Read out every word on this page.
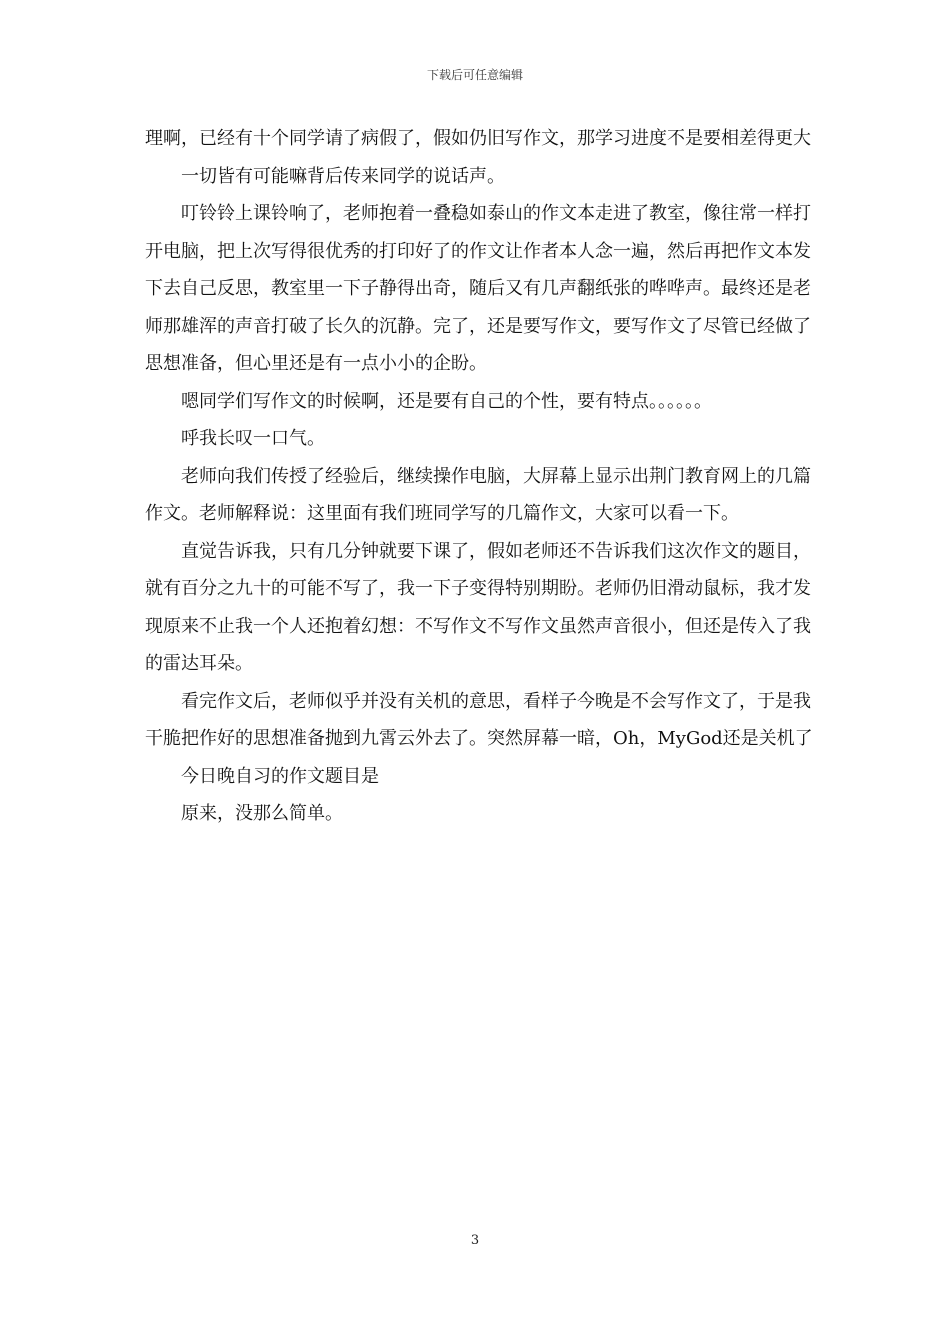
下载后可任意编辑

理啊，已经有十个同学请了病假了，假如仍旧写作文，那学习进度不是要相差得更大

一切皆有可能嘛背后传来同学的说话声。

叮铃铃上课铃响了，老师抱着一叠稳如泰山的作文本走进了教室，像往常一样打开电脑，把上次写得很优秀的打印好了的作文让作者本人念一遍，然后再把作文本发下去自己反思，教室里一下子静得出奇，随后又有几声翻纸张的哗哗声。最终还是老师那雄浑的声音打破了长久的沉静。完了，还是要写作文，要写作文了尽管已经做了思想准备，但心里还是有一点小小的企盼。

嗯同学们写作文的时候啊，还是要有自己的个性，要有特点。。。。。。

呼我长叹一口气。

老师向我们传授了经验后，继续操作电脑，大屏幕上显示出荆门教育网上的几篇作文。老师解释说：这里面有我们班同学写的几篇作文，大家可以看一下。

直觉告诉我，只有几分钟就要下课了，假如老师还不告诉我们这次作文的题目，就有百分之九十的可能不写了，我一下子变得特别期盼。老师仍旧滑动鼠标，我才发现原来不止我一个人还抱着幻想：不写作文不写作文虽然声音很小，但还是传入了我的雷达耳朵。

看完作文后，老师似乎并没有关机的意思，看样子今晚是不会写作文了，于是我干脆把作好的思想准备抛到九霄云外去了。突然屏幕一暗，Oh，MyGod还是关机了

今日晚自习的作文题目是

原来，没那么简单。

3
